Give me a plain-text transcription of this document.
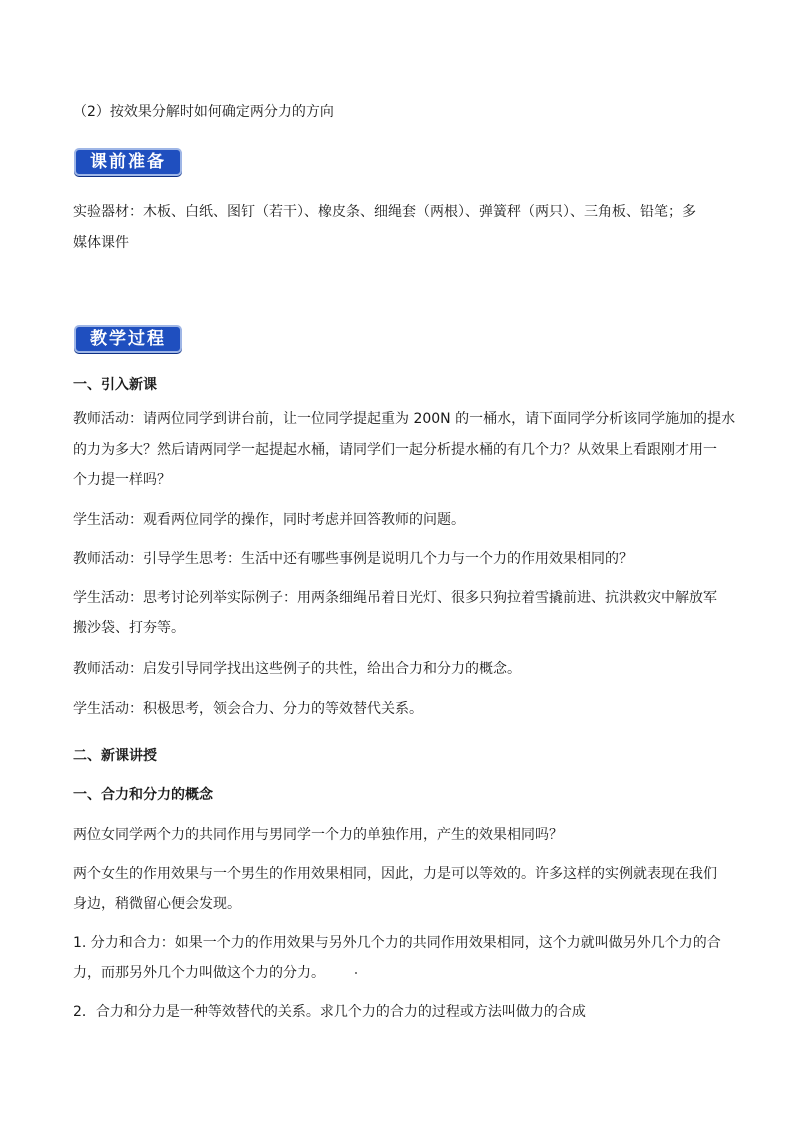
（2）按效果分解时如何确定两分力的方向
课前准备
实验器材：木板、白纸、图钉（若干）、橡皮条、细绳套（两根）、弹簧秤（两只）、三角板、铅笔；多
媒体课件
教学过程
一、引入新课
教师活动：请两位同学到讲台前，让一位同学提起重为 200N 的一桶水，请下面同学分析该同学施加的提水
的力为多大？然后请两同学一起提起水桶，请同学们一起分析提水桶的有几个力？从效果上看跟刚才用一
个力提一样吗？
学生活动：观看两位同学的操作，同时考虑并回答教师的问题。
教师活动：引导学生思考：生活中还有哪些事例是说明几个力与一个力的作用效果相同的？
学生活动：思考讨论列举实际例子：用两条细绳吊着日光灯、很多只狗拉着雪撬前进、抗洪救灾中解放军
搬沙袋、打夯等。
教师活动：启发引导同学找出这些例子的共性，给出合力和分力的概念。
学生活动：积极思考，领会合力、分力的等效替代关系。
二、新课讲授
一、合力和分力的概念
两位女同学两个力的共同作用与男同学一个力的单独作用，产生的效果相同吗？
两个女生的作用效果与一个男生的作用效果相同，因此，力是可以等效的。许多这样的实例就表现在我们
身边，稍微留心便会发现。
1. 分力和合力：如果一个力的作用效果与另外几个力的共同作用效果相同，这个力就叫做另外几个力的合
力，而那另外几个力叫做这个力的分力。
2．合力和分力是一种等效替代的关系。求几个力的合力的过程或方法叫做力的合成
